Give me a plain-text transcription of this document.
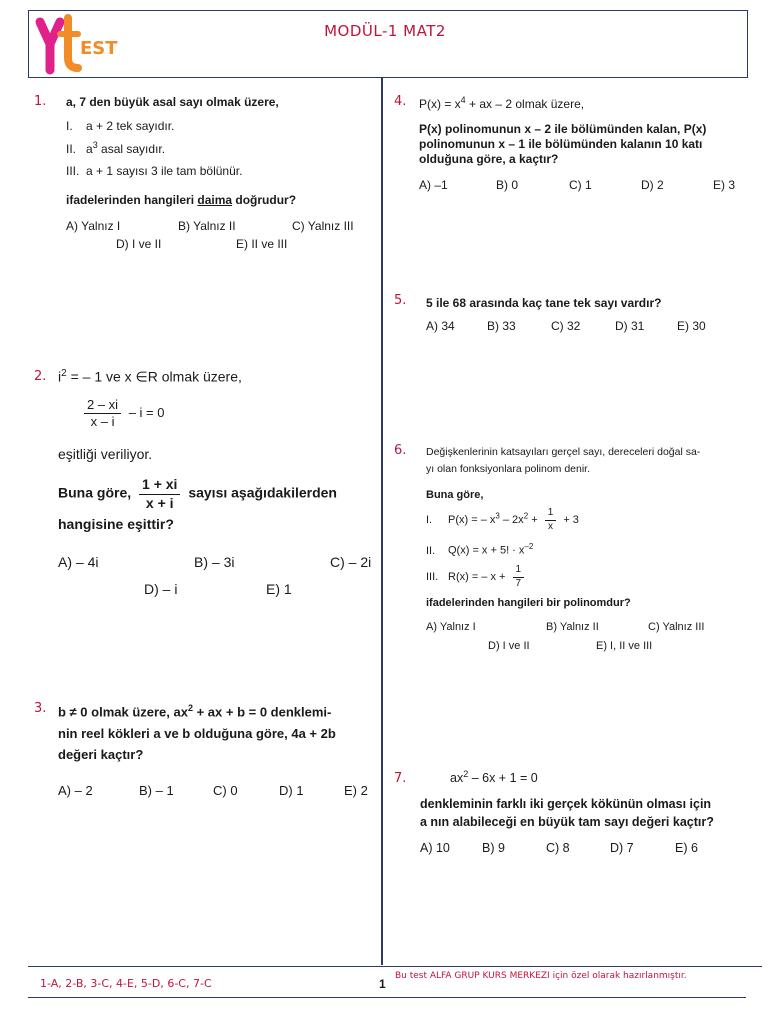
EST
MODÜL-1 MAT2
1. a, 7 den büyük asal sayı olmak üzere,
I. a + 2 tek sayıdır.
II. $a^3$ asal sayıdır.
III. a + 1 sayısı 3 ile tam bölünür.
ifadelerinden hangileri daima doğrudur?
A) Yalnız I	B) Yalnız II	C) Yalnız III
D) I ve II	E) II ve III
2. $i^2$ = – 1 ve x ∈R olmak üzere,
$\frac{2 - xi}{x - i} - i = 0$
eşitliği veriliyor.
Buna göre, $\frac{1 + xi}{x + i}$ sayısı aşağıdakilerden
hangisine eşittir?
A) – 4i	B) – 3i	C) – 2i
D) – i	E) 1
3. b ≠ 0 olmak üzere, $ax^2$ + ax + b = 0 denklemi-
nin reel kökleri a ve b olduğuna göre, 4a + 2b
değeri kaçtır?
A) – 2	B) – 1	C) 0	D) 1	E) 2
4. $P(x) = x^4$ + ax – 2 olmak üzere,
P(x) polinomunun x – 2 ile bölümünden kalan, P(x)
polinomunun x – 1 ile bölümünden kalanın 10 katı
olduğuna göre, a kaçtır?
A) –1	B) 0	C) 1	D) 2	E) 3
5. 5 ile 68 arasında kaç tane tek sayı vardır?
A) 34	B) 33	C) 32	D) 31	E) 30
6. Değişkenlerinin katsayıları gerçel sayı, dereceleri doğal sa-
yı olan fonksiyonlara polinom denir.
Buna göre,
I. P(x) = – $x^3 - 2x^2 + \frac{1}{x} + 3$
II. Q(x) = x + 5! · $x^{-2}$
III. R(x) = – $x + \frac{1}{7}$
ifadelerinden hangileri bir polinomdur?
A) Yalnız I	B) Yalnız II	C) Yalnız III
D) I ve II	E) I, II ve III
7.	$ax^2 - 6x + 1 = 0$
denkleminin farklı iki gerçek kökünün olması için
a nın alabileceği en büyük tam sayı değeri kaçtır?
A) 10	B) 9	C) 8	D) 7	E) 6
1-A, 2-B, 3-C, 4-E, 5-D, 6-C, 7-C	1
Bu test ALFA GRUP KURS MERKEZI için özel olarak hazırlanmıştır.
